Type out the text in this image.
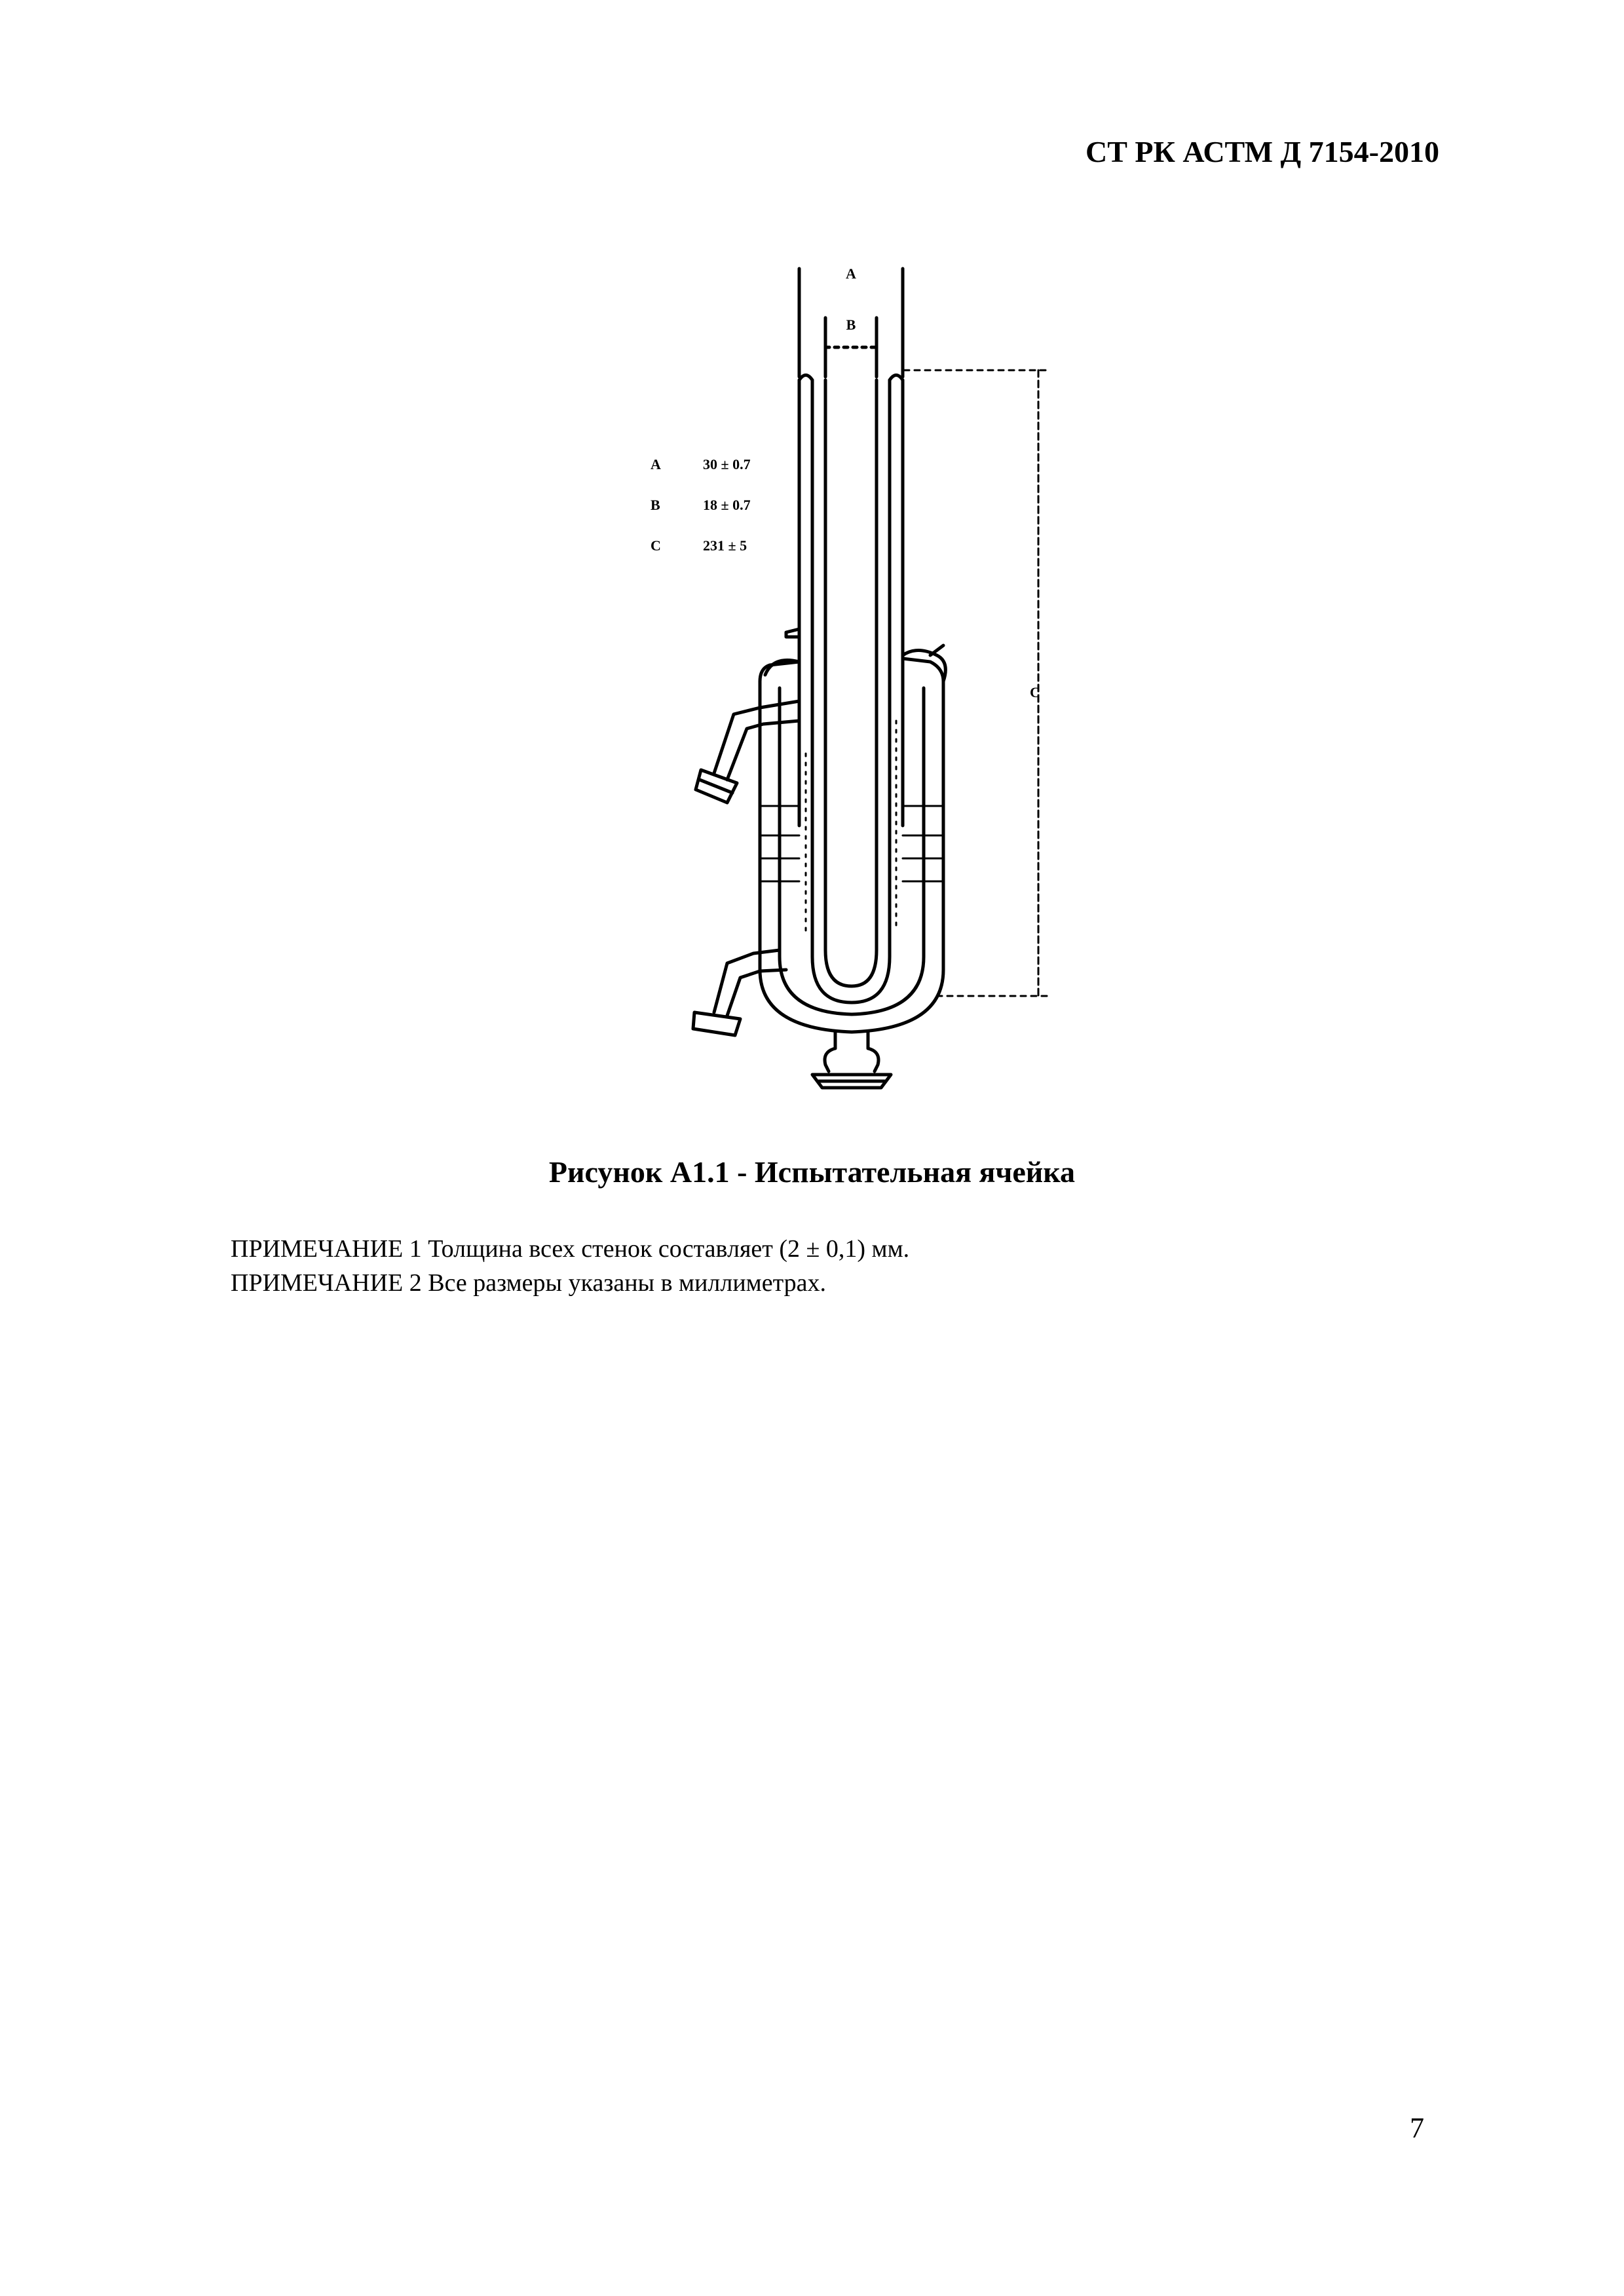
СТ РК АСТМ Д 7154-2010
A
B
C
A	30 ± 0.7
B	18 ± 0.7
C	231 ± 5
Рисунок А1.1 - Испытательная ячейка
ПРИМЕЧАНИЕ 1 Толщина всех стенок составляет (2 ± 0,1) мм.
ПРИМЕЧАНИЕ 2 Все размеры указаны в миллиметрах.
7
